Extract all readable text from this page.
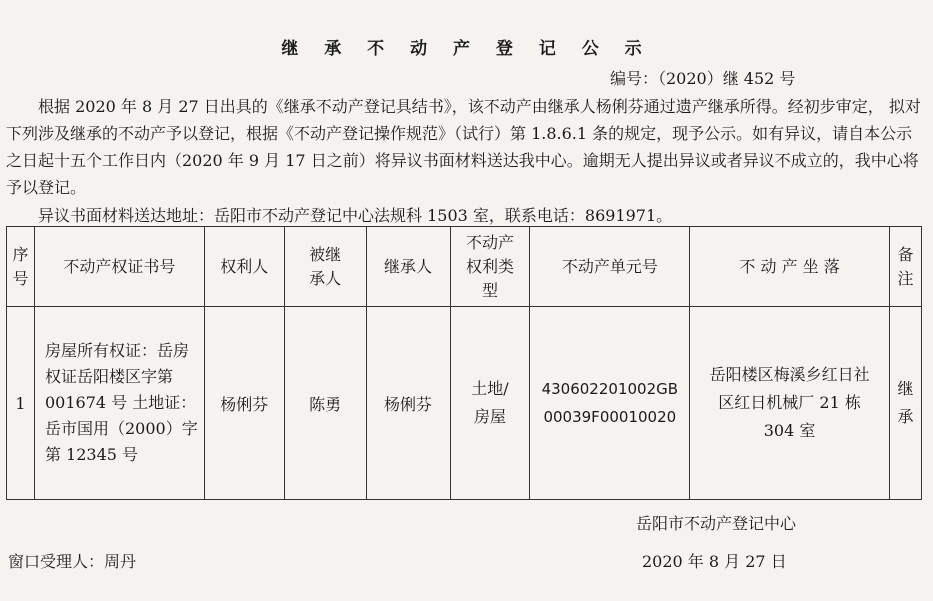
继 承 不 动 产 登 记 公 示
编号：（2020）继 452 号

根据 2020 年 8 月 27 日出具的《继承不动产登记具结书》，该不动产由继承人杨俐芬通过遗产继承所得。经初步审定， 拟对下列涉及继承的不动产予以登记，根据《不动产登记操作规范》（试行）第 1.8.6.1 条的规定，现予公示。如有异议，请自本公示之日起十五个工作日内（2020 年 9 月 17 日之前）将异议书面材料送达我中心。逾期无人提出异议或者异议不成立的，我中心将予以登记。

异议书面材料送达地址：岳阳市不动产登记中心法规科 1503 室，联系电话：8691971。
序号	不动产权证书号	权利人	被继承人	继承人	不动产权利类型	不动产单元号	不 动 产 坐 落	备注
1	房屋所有权证：岳房权证岳阳楼区字第 001674 号 土地证：岳市国用（2000）字第 12345 号	杨俐芬	陈勇	杨俐芬	土地/房屋	430602201002GB00039F00010020	岳阳楼区梅溪乡红日社区红日机械厂 21 栋 304 室	继承
岳阳市不动产登记中心
窗口受理人：周丹	2020 年 8 月 27 日
